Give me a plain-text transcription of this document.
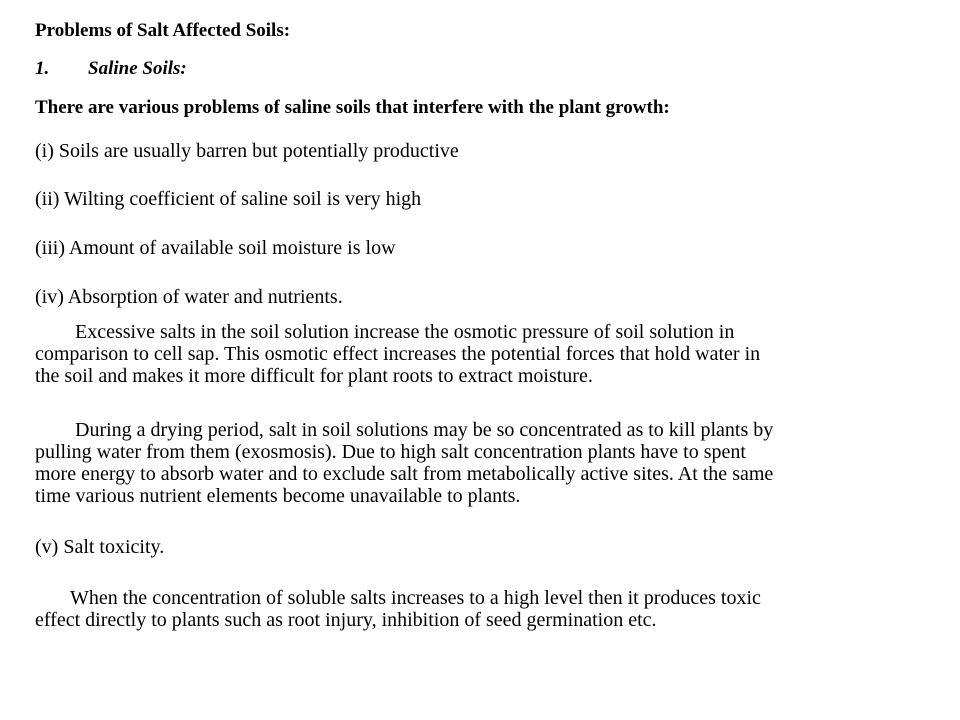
Problems of Salt Affected Soils:

1. Saline Soils:

There are various problems of saline soils that interfere with the plant growth:

(i) Soils are usually barren but potentially productive

(ii) Wilting coefficient of saline soil is very high

(iii) Amount of available soil moisture is low

(iv) Absorption of water and nutrients.

Excessive salts in the soil solution increase the osmotic pressure of soil solution in
comparison to cell sap. This osmotic effect increases the potential forces that hold water in
the soil and makes it more difficult for plant roots to extract moisture.
During a drying period, salt in soil solutions may be so concentrated as to kill plants by
pulling water from them (exosmosis). Due to high salt concentration plants have to spent
more energy to absorb water and to exclude salt from metabolically active sites. At the same
time various nutrient elements become unavailable to plants.

(v) Salt toxicity.

When the concentration of soluble salts increases to a high level then it produces toxic
effect directly to plants such as root injury, inhibition of seed germination etc.
